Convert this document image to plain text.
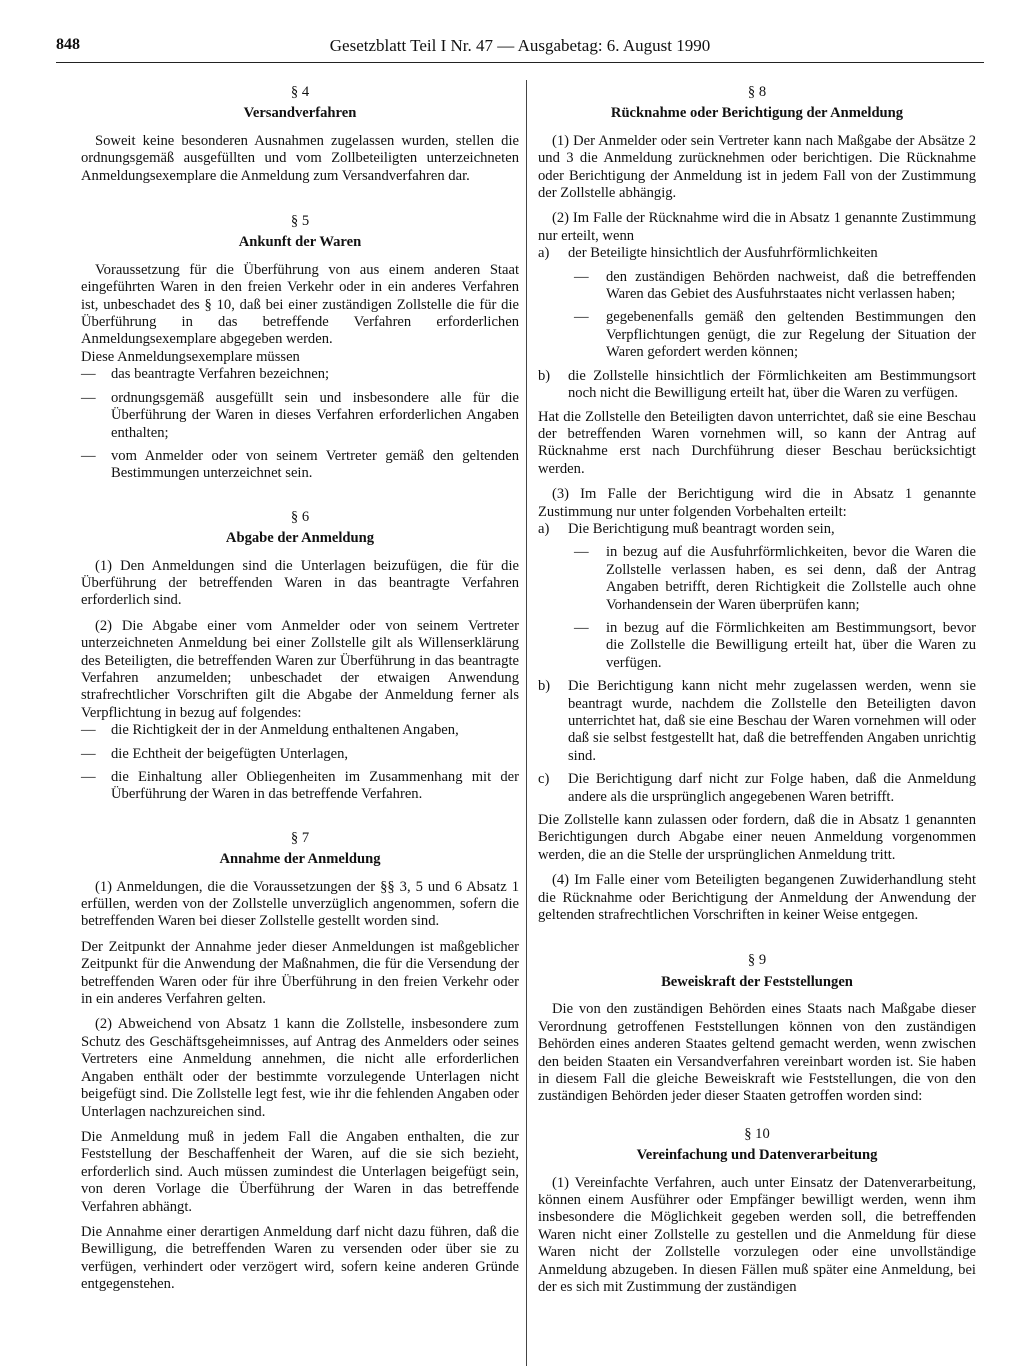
848	Gesetzblatt Teil I Nr. 47 — Ausgabetag: 6. August 1990
§ 4
Versandverfahren

Soweit keine besonderen Ausnahmen zugelassen wurden, stellen die ordnungsgemäß ausgefüllten und vom Zollbeteiligten unterzeichneten Anmeldungsexemplare die Anmeldung zum Versandverfahren dar.

§ 5
Ankunft der Waren

Voraussetzung für die Überführung von aus einem anderen Staat eingeführten Waren in den freien Verkehr oder in ein anderes Verfahren ist, unbeschadet des § 10, daß bei einer zuständigen Zollstelle die für die Überführung in das betreffende Verfahren erforderlichen Anmeldungsexemplare abgegeben werden.

Diese Anmeldungsexemplare müssen

—	das beantragte Verfahren bezeichnen;
—	ordnungsgemäß ausgefüllt sein und insbesondere alle für die Überführung der Waren in dieses Verfahren erforderlichen Angaben enthalten;
—	vom Anmelder oder von seinem Vertreter gemäß den geltenden Bestimmungen unterzeichnet sein.
§ 6
Abgabe der Anmeldung

(1) Den Anmeldungen sind die Unterlagen beizufügen, die für die Überführung der betreffenden Waren in das beantragte Verfahren erforderlich sind.

(2) Die Abgabe einer vom Anmelder oder von seinem Vertreter unterzeichneten Anmeldung bei einer Zollstelle gilt als Willenserklärung des Beteiligten, die betreffenden Waren zur Überführung in das beantragte Verfahren anzumelden; unbeschadet der etwaigen Anwendung strafrechtlicher Vorschriften gilt die Abgabe der Anmeldung ferner als Verpflichtung in bezug auf folgendes:

—	die Richtigkeit der in der Anmeldung enthaltenen Angaben,
—	die Echtheit der beigefügten Unterlagen,
—	die Einhaltung aller Obliegenheiten im Zusammenhang mit der Überführung der Waren in das betreffende Verfahren.
§ 7
Annahme der Anmeldung

(1) Anmeldungen, die die Voraussetzungen der §§ 3, 5 und 6 Absatz 1 erfüllen, werden von der Zollstelle unverzüglich angenommen, sofern die betreffenden Waren bei dieser Zollstelle gestellt worden sind.

Der Zeitpunkt der Annahme jeder dieser Anmeldungen ist maßgeblicher Zeitpunkt für die Anwendung der Maßnahmen, die für die Versendung der betreffenden Waren oder für ihre Überführung in den freien Verkehr oder in ein anderes Verfahren gelten.

(2) Abweichend von Absatz 1 kann die Zollstelle, insbesondere zum Schutz des Geschäftsgeheimnisses, auf Antrag des Anmelders oder seines Vertreters eine Anmeldung annehmen, die nicht alle erforderlichen Angaben enthält oder der bestimmte vorzulegende Unterlagen nicht beigefügt sind. Die Zollstelle legt fest, wie ihr die fehlenden Angaben oder Unterlagen nachzureichen sind.

Die Anmeldung muß in jedem Fall die Angaben enthalten, die zur Feststellung der Beschaffenheit der Waren, auf die sie sich bezieht, erforderlich sind. Auch müssen zumindest die Unterlagen beigefügt sein, von deren Vorlage die Überführung der Waren in das betreffende Verfahren abhängt.

Die Annahme einer derartigen Anmeldung darf nicht dazu führen, daß die Bewilligung, die betreffenden Waren zu versenden oder über sie zu verfügen, verhindert oder verzögert wird, sofern keine anderen Gründe entgegenstehen.

§ 8
Rücknahme oder Berichtigung der Anmeldung

(1) Der Anmelder oder sein Vertreter kann nach Maßgabe der Absätze 2 und 3 die Anmeldung zurücknehmen oder berichtigen. Die Rücknahme oder Berichtigung der Anmeldung ist in jedem Fall von der Zustimmung der Zollstelle abhängig.

(2) Im Falle der Rücknahme wird die in Absatz 1 genannte Zustimmung nur erteilt, wenn

a)	der Beteiligte hinsichtlich der Ausfuhrförmlichkeiten
—	den zuständigen Behörden nachweist, daß die betreffenden Waren das Gebiet des Ausfuhrstaates nicht verlassen haben;
—	gegebenenfalls gemäß den geltenden Bestimmungen den Verpflichtungen genügt, die zur Regelung der Situation der Waren gefordert werden können;
b)	die Zollstelle hinsichtlich der Förmlichkeiten am Bestimmungsort noch nicht die Bewilligung erteilt hat, über die Waren zu verfügen.

Hat die Zollstelle den Beteiligten davon unterrichtet, daß sie eine Beschau der betreffenden Waren vornehmen will, so kann der Antrag auf Rücknahme erst nach Durchführung dieser Beschau berücksichtigt werden.

(3) Im Falle der Berichtigung wird die in Absatz 1 genannte Zustimmung nur unter folgenden Vorbehalten erteilt:

a)	Die Berichtigung muß beantragt worden sein,
—	in bezug auf die Ausfuhrförmlichkeiten, bevor die Waren die Zollstelle verlassen haben, es sei denn, daß der Antrag Angaben betrifft, deren Richtigkeit die Zollstelle auch ohne Vorhandensein der Waren überprüfen kann;
—	in bezug auf die Förmlichkeiten am Bestimmungsort, bevor die Zollstelle die Bewilligung erteilt hat, über die Waren zu verfügen.
b)	Die Berichtigung kann nicht mehr zugelassen werden, wenn sie beantragt wurde, nachdem die Zollstelle den Beteiligten davon unterrichtet hat, daß sie eine Beschau der Waren vornehmen will oder daß sie selbst festgestellt hat, daß die betreffenden Angaben unrichtig sind.
c)	Die Berichtigung darf nicht zur Folge haben, daß die Anmeldung andere als die ursprünglich angegebenen Waren betrifft.

Die Zollstelle kann zulassen oder fordern, daß die in Absatz 1 genannten Berichtigungen durch Abgabe einer neuen Anmeldung vorgenommen werden, die an die Stelle der ursprünglichen Anmeldung tritt.

(4) Im Falle einer vom Beteiligten begangenen Zuwiderhandlung steht die Rücknahme oder Berichtigung der Anmeldung der Anwendung der geltenden strafrechtlichen Vorschriften in keiner Weise entgegen.

§ 9
Beweiskraft der Feststellungen

Die von den zuständigen Behörden eines Staats nach Maßgabe dieser Verordnung getroffenen Feststellungen können von den zuständigen Behörden eines anderen Staates geltend gemacht werden, wenn zwischen den beiden Staaten ein Versandverfahren vereinbart worden ist. Sie haben in diesem Fall die gleiche Beweiskraft wie Feststellungen, die von den zuständigen Behörden jeder dieser Staaten getroffen worden sind:

§ 10
Vereinfachung und Datenverarbeitung

(1) Vereinfachte Verfahren, auch unter Einsatz der Datenverarbeitung, können einem Ausführer oder Empfänger bewilligt werden, wenn ihm insbesondere die Möglichkeit gegeben werden soll, die betreffenden Waren nicht einer Zollstelle zu gestellen und die Anmeldung für diese Waren nicht der Zollstelle vorzulegen oder eine unvollständige Anmeldung abzugeben. In diesen Fällen muß später eine Anmeldung, bei der es sich mit Zustimmung der zuständigen
